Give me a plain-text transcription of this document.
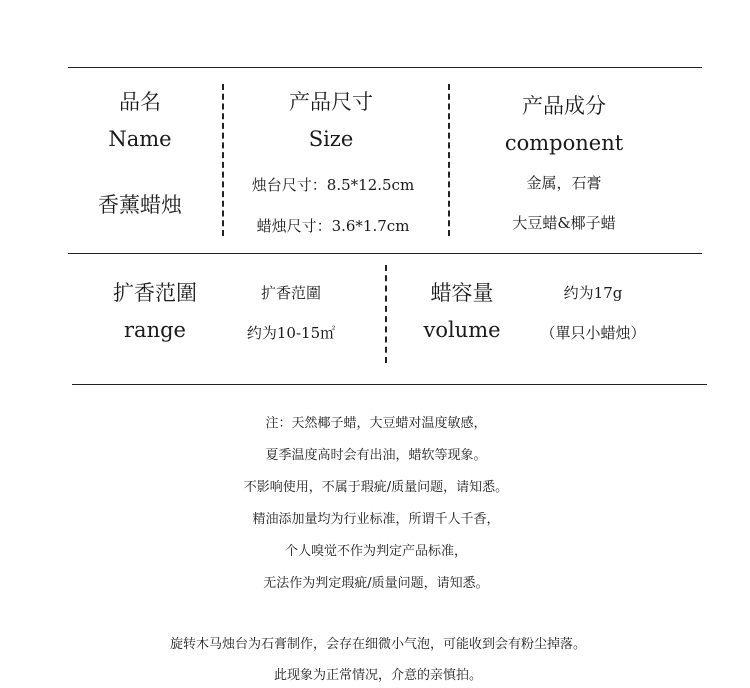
品名
Name
香薰蜡烛
产品尺寸
Size
烛台尺寸：8.5*12.5cm
蜡烛尺寸：3.6*1.7cm
产品成分
component
金属，石膏
大豆蜡&椰子蜡
扩香范圍
range
扩香范圍
约为10-15㎡
蜡容量
volume
约为17g
（單只小蜡烛）
注：天然椰子蜡，大豆蜡对温度敏感，
夏季温度高时会有出油，蜡软等现象。
不影响使用，不属于瑕疵/质量问题，请知悉。
精油添加量均为行业标准，所谓千人千香，
个人嗅觉不作为判定产品标准，
无法作为判定瑕疵/质量问题，请知悉。
旋转木马烛台为石膏制作，会存在细微小气泡，可能收到会有粉尘掉落。
此现象为正常情况，介意的亲慎拍。
